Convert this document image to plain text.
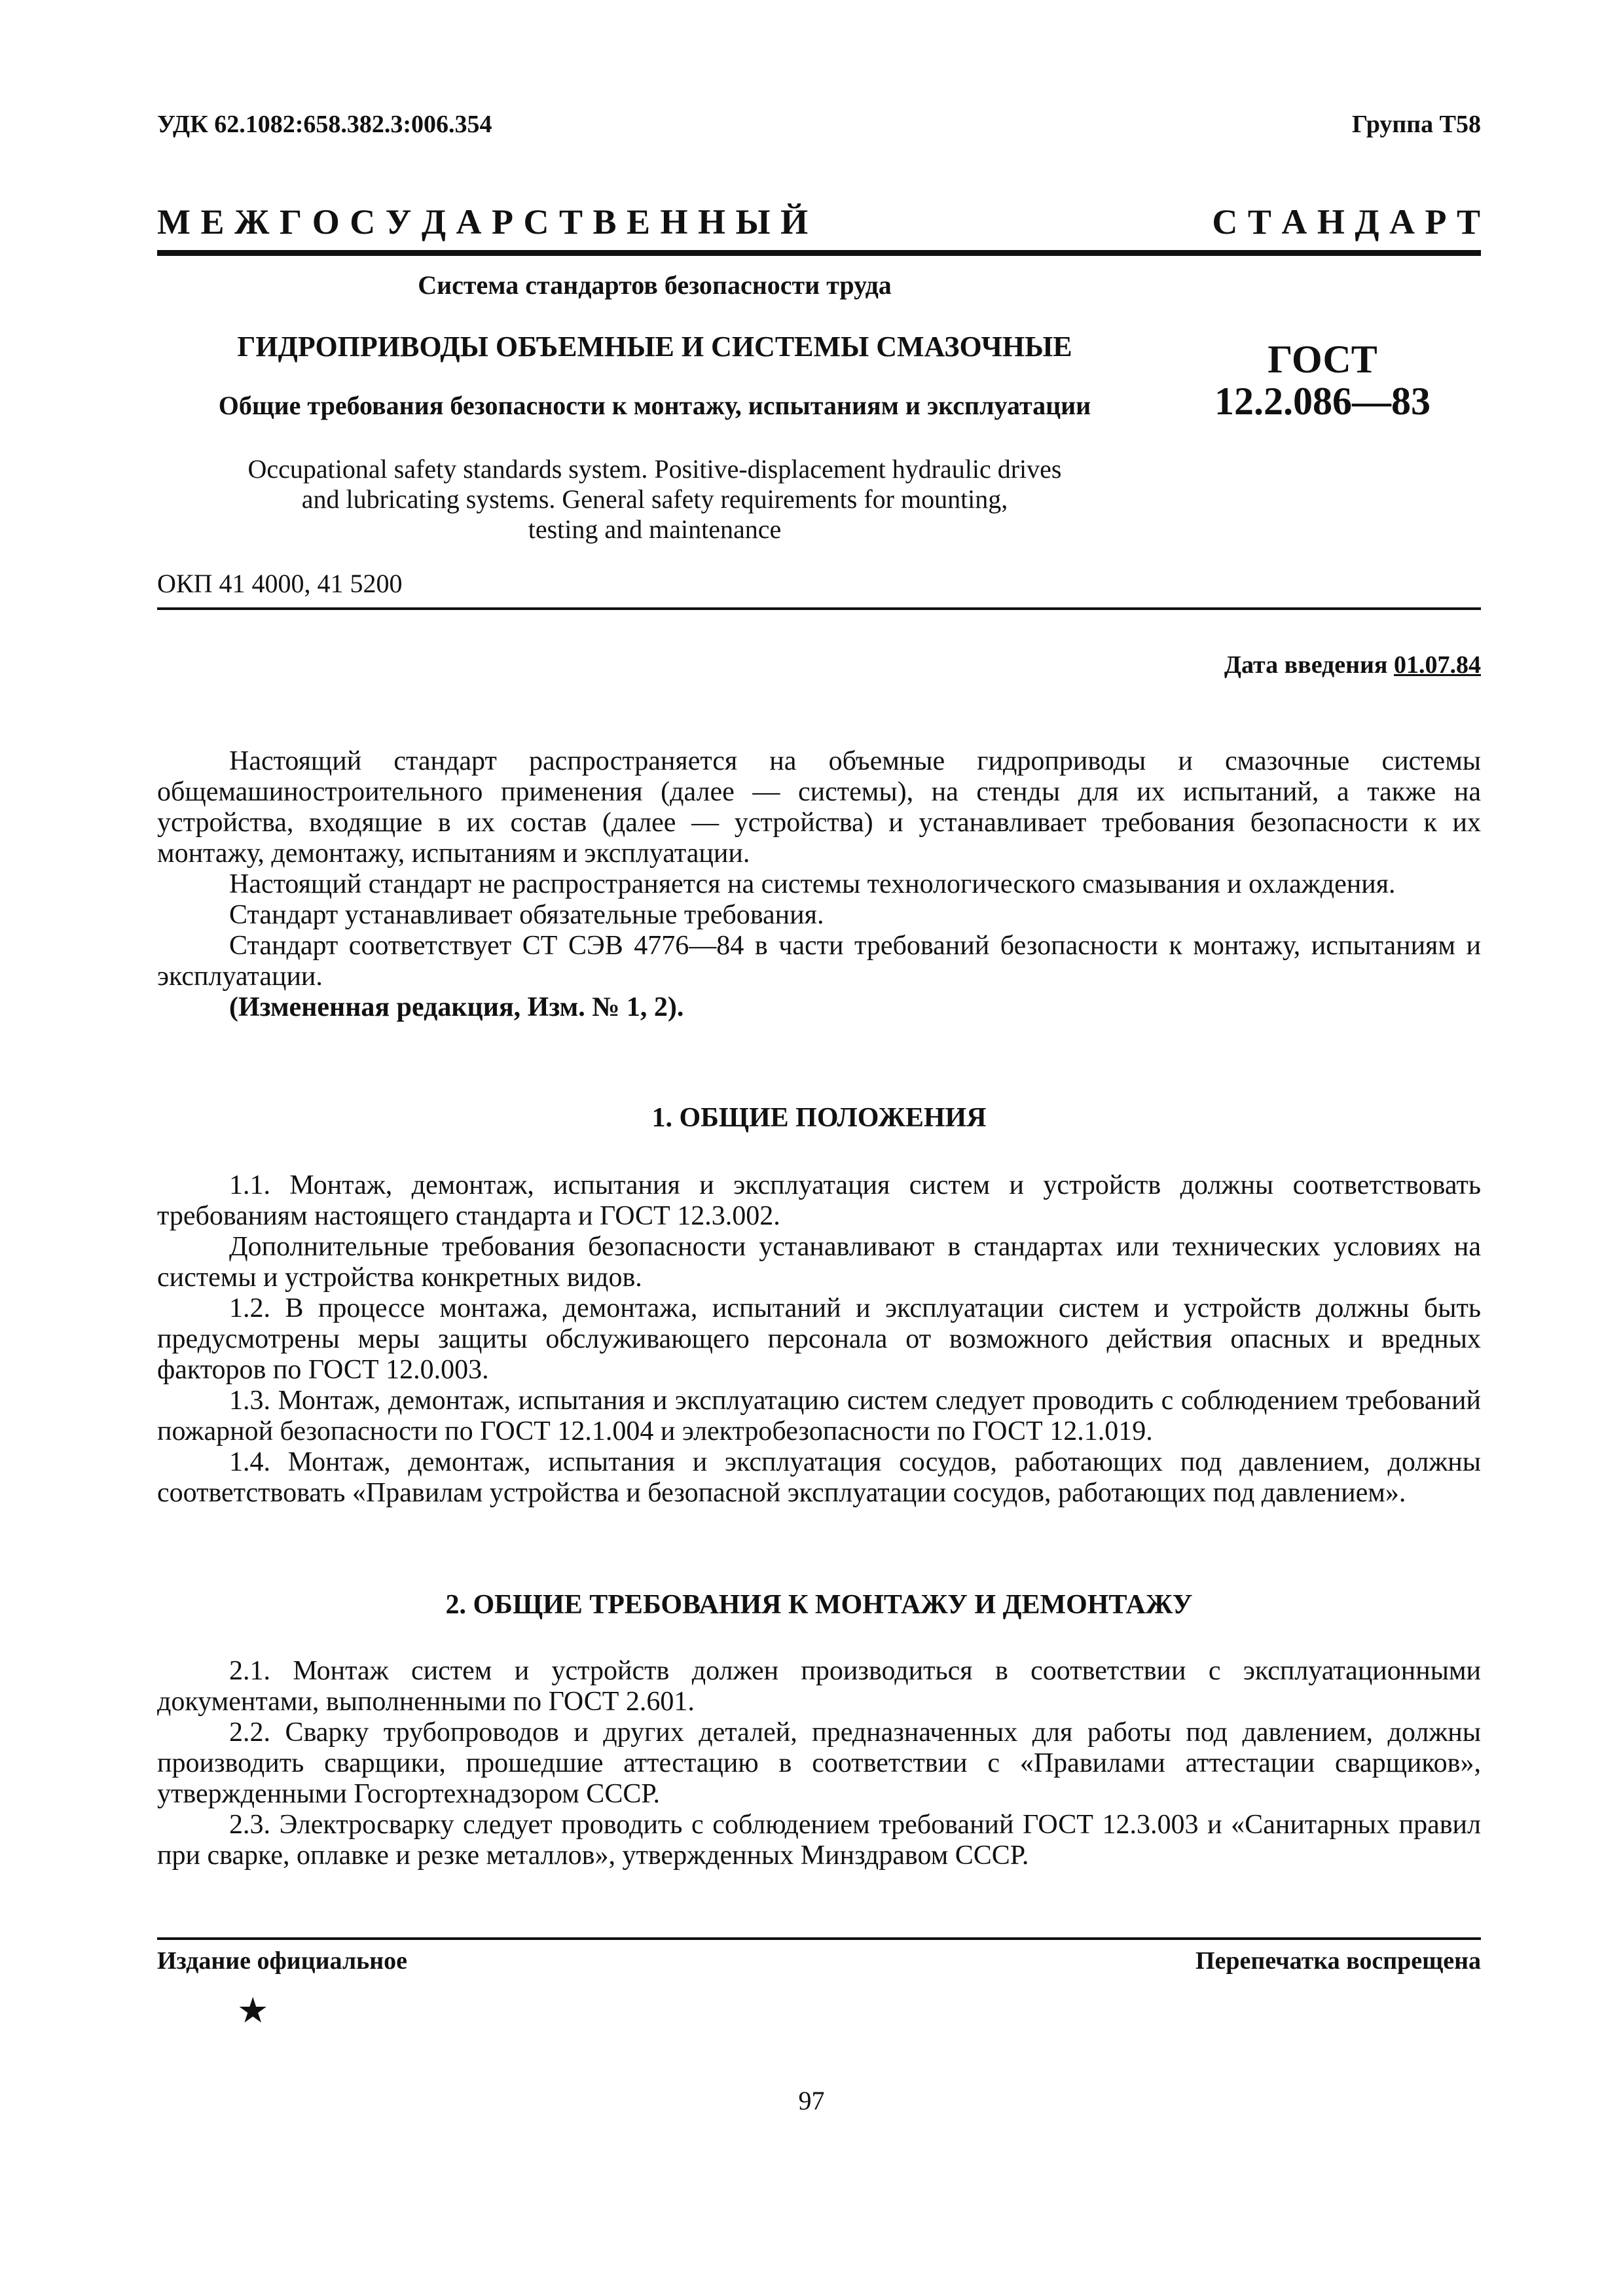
УДК 62.1082:658.382.3:006.354	Группа Т58
М Е Ж Г О С У Д А Р С Т В Е Н Н Ы Й	С Т А Н Д А Р Т
Система стандартов безопасности труда
ГИДРОПРИВОДЫ ОБЪЕМНЫЕ И СИСТЕМЫ СМАЗОЧНЫЕ
Общие требования безопасности к монтажу, испытаниям и эксплуатации
ГОСТ
12.2.086—83
Occupational safety standards system. Positive-displacement hydraulic drives
and lubricating systems. General safety requirements for mounting,
testing and maintenance
ОКП 41 4000, 41 5200
Дата введения 01.07.84

Настоящий стандарт распространяется на объемные гидроприводы и смазочные системы общемашиностроительного применения (далее — системы), на стенды для их испытаний, а также на устройства, входящие в их состав (далее — устройства) и устанавливает требования безопасности к их монтажу, демонтажу, испытаниям и эксплуатации.

Настоящий стандарт не распространяется на системы технологического смазывания и охлаждения.

Стандарт устанавливает обязательные требования.

Стандарт соответствует СТ СЭВ 4776—84 в части требований безопасности к монтажу, испытаниям и эксплуатации.

(Измененная редакция, Изм. № 1, 2).

1. ОБЩИЕ ПОЛОЖЕНИЯ

1.1. Монтаж, демонтаж, испытания и эксплуатация систем и устройств должны соответствовать требованиям настоящего стандарта и ГОСТ 12.3.002.

Дополнительные требования безопасности устанавливают в стандартах или технических условиях на системы и устройства конкретных видов.

1.2. В процессе монтажа, демонтажа, испытаний и эксплуатации систем и устройств должны быть предусмотрены меры защиты обслуживающего персонала от возможного действия опасных и вредных факторов по ГОСТ 12.0.003.

1.3. Монтаж, демонтаж, испытания и эксплуатацию систем следует проводить с соблюдением требований пожарной безопасности по ГОСТ 12.1.004 и электробезопасности по ГОСТ 12.1.019.

1.4. Монтаж, демонтаж, испытания и эксплуатация сосудов, работающих под давлением, должны соответствовать «Правилам устройства и безопасной эксплуатации сосудов, работающих под давлением».

2. ОБЩИЕ ТРЕБОВАНИЯ К МОНТАЖУ И ДЕМОНТАЖУ

2.1. Монтаж систем и устройств должен производиться в соответствии с эксплуатационными документами, выполненными по ГОСТ 2.601.

2.2. Сварку трубопроводов и других деталей, предназначенных для работы под давлением, должны производить сварщики, прошедшие аттестацию в соответствии с «Правилами аттестации сварщиков», утвержденными Госгортехнадзором СССР.

2.3. Электросварку следует проводить с соблюдением требований ГОСТ 12.3.003 и «Санитарных правил при сварке, оплавке и резке металлов», утвержденных Минздравом СССР.

Издание официальное	Перепечатка воспрещена
★
97
